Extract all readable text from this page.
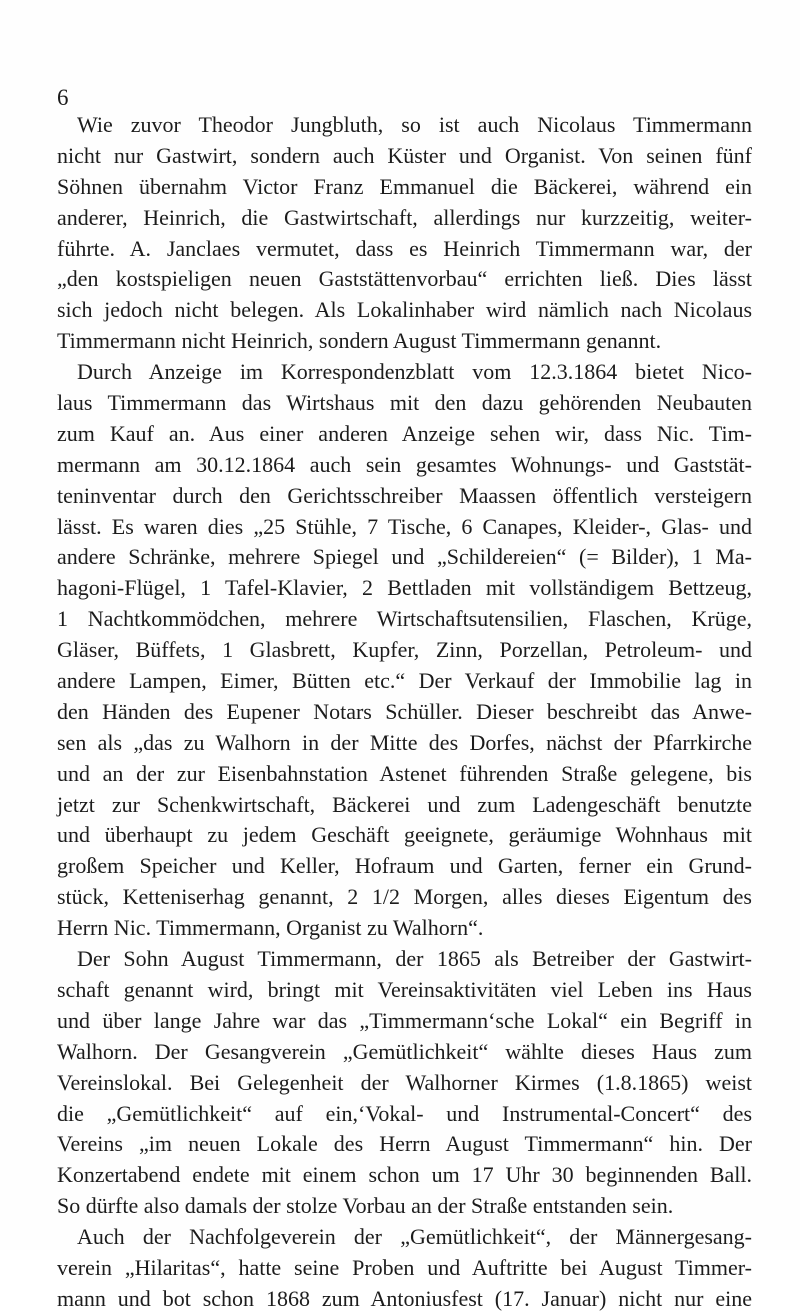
6
Wie zuvor Theodor Jungbluth, so ist auch Nicolaus Timmermann
nicht nur Gastwirt, sondern auch Küster und Organist. Von seinen fünf
Söhnen übernahm Victor Franz Emmanuel die Bäckerei, während ein
anderer, Heinrich, die Gastwirtschaft, allerdings nur kurzzeitig, weiter-
führte. A. Janclaes vermutet, dass es Heinrich Timmermann war, der
„den kostspieligen neuen Gaststättenvorbau“ errichten ließ. Dies lässt
sich jedoch nicht belegen. Als Lokalinhaber wird nämlich nach Nicolaus
Timmermann nicht Heinrich, sondern August Timmermann genannt.
Durch Anzeige im Korrespondenzblatt vom 12.3.1864 bietet Nico-
laus Timmermann das Wirtshaus mit den dazu gehörenden Neubauten
zum Kauf an. Aus einer anderen Anzeige sehen wir, dass Nic. Tim-
mermann am 30.12.1864 auch sein gesamtes Wohnungs- und Gaststät-
teninventar durch den Gerichtsschreiber Maassen öffentlich versteigern
lässt. Es waren dies „25 Stühle, 7 Tische, 6 Canapes, Kleider-, Glas- und
andere Schränke, mehrere Spiegel und „Schildereien“ (= Bilder), 1 Ma-
hagoni-Flügel, 1 Tafel-Klavier, 2 Bettladen mit vollständigem Bettzeug,
1 Nachtkommödchen, mehrere Wirtschaftsutensilien, Flaschen, Krüge,
Gläser, Büffets, 1 Glasbrett, Kupfer, Zinn, Porzellan, Petroleum- und
andere Lampen, Eimer, Bütten etc.“ Der Verkauf der Immobilie lag in
den Händen des Eupener Notars Schüller. Dieser beschreibt das Anwe-
sen als „das zu Walhorn in der Mitte des Dorfes, nächst der Pfarrkirche
und an der zur Eisenbahnstation Astenet führenden Straße gelegene, bis
jetzt zur Schenkwirtschaft, Bäckerei und zum Ladengeschäft benutzte
und überhaupt zu jedem Geschäft geeignete, geräumige Wohnhaus mit
großem Speicher und Keller, Hofraum und Garten, ferner ein Grund-
stück, Ketteniserhag genannt, 2 1/2 Morgen, alles dieses Eigentum des
Herrn Nic. Timmermann, Organist zu Walhorn“.
Der Sohn August Timmermann, der 1865 als Betreiber der Gastwirt-
schaft genannt wird, bringt mit Vereinsaktivitäten viel Leben ins Haus
und über lange Jahre war das „Timmermann‘sche Lokal“ ein Begriff in
Walhorn. Der Gesangverein „Gemütlichkeit“ wählte dieses Haus zum
Vereinslokal. Bei Gelegenheit der Walhorner Kirmes (1.8.1865) weist
die „Gemütlichkeit“ auf ein,‘Vokal- und Instrumental-Concert“ des
Vereins „im neuen Lokale des Herrn August Timmermann“ hin. Der
Konzertabend endete mit einem schon um 17 Uhr 30 beginnenden Ball.
So dürfte also damals der stolze Vorbau an der Straße entstanden sein.
Auch der Nachfolgeverein der „Gemütlichkeit“, der Männergesang-
verein „Hilaritas“, hatte seine Proben und Auftritte bei August Timmer-
mann und bot schon 1868 zum Antoniusfest (17. Januar) nicht nur eine
